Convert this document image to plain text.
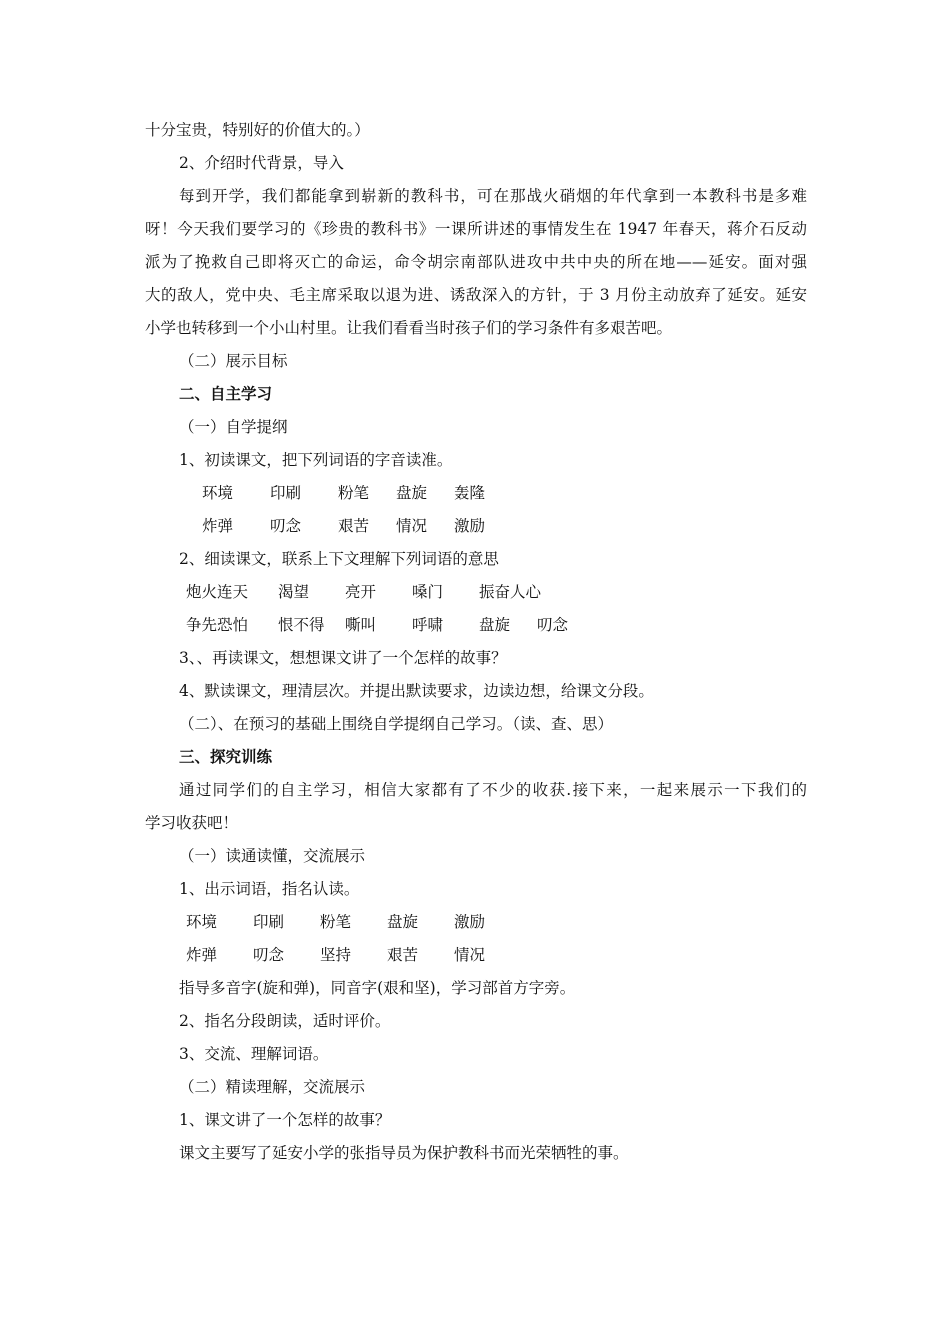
十分宝贵，特别好的价值大的。）
2、介绍时代背景，导入
每到开学，我们都能拿到崭新的教科书，可在那战火硝烟的年代拿到一本教科书是多难
呀！今天我们要学习的《珍贵的教科书》一课所讲述的事情发生在 1947 年春天，蒋介石反动
派为了挽救自己即将灭亡的命运，命令胡宗南部队进攻中共中央的所在地——延安。面对强
大的敌人，党中央、毛主席采取以退为进、诱敌深入的方针，于 3 月份主动放弃了延安。延安
小学也转移到一个小山村里。让我们看看当时孩子们的学习条件有多艰苦吧。
（二）展示目标
二、自主学习
（一）自学提纲
1、初读课文，把下列词语的字音读准。
环境 印刷 粉笔 盘旋 轰隆
炸弹 叨念 艰苦 情况 激励
2、细读课文，联系上下文理解下列词语的意思
炮火连天 渴望 亮开 嗓门 振奋人心
争先恐怕 恨不得 嘶叫 呼啸 盘旋 叨念
3、、再读课文，想想课文讲了一个怎样的故事？
4、默读课文，理清层次。并提出默读要求，边读边想，给课文分段。
（二）、在预习的基础上围绕自学提纲自己学习。（读、查、思）
三、探究训练
通过同学们的自主学习，相信大家都有了不少的收获.接下来，一起来展示一下我们的
学习收获吧！
（一）读通读懂，交流展示
1、出示词语，指名认读。
环境 印刷 粉笔 盘旋 激励
炸弹 叨念 坚持 艰苦 情况
指导多音字(旋和弹)，同音字(艰和坚)，学习部首方字旁。
2、指名分段朗读，适时评价。
3、交流、理解词语。
（二）精读理解，交流展示
1、课文讲了一个怎样的故事？
课文主要写了延安小学的张指导员为保护教科书而光荣牺牲的事。
